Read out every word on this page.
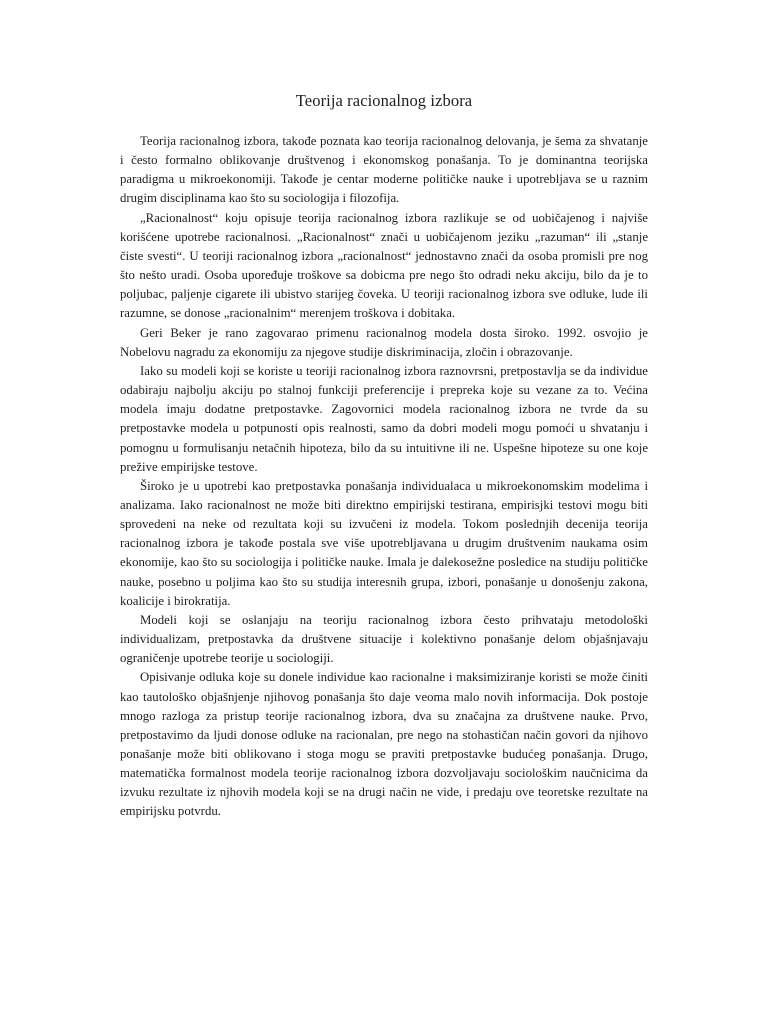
Teorija racionalnog izbora

Teorija racionalnog izbora, takođe poznata kao teorija racionalnog delovanja, je šema za shvatanje i često formalno oblikovanje društvenog i ekonomskog ponašanja. To je dominantna teorijska paradigma u mikroekonomiji. Takođe je centar moderne političke nauke i upotrebljava se u raznim drugim disciplinama kao što su sociologija i filozofija.

„Racionalnost“ koju opisuje teorija racionalnog izbora razlikuje se od uobičajenog i najviše korišćene upotrebe racionalnosi. „Racionalnost“ znači u uobičajenom jeziku „razuman“ ili „stanje čiste svesti“. U teoriji racionalnog izbora „racionalnost“ jednostavno znači da osoba promisli pre nog što nešto uradi. Osoba upoređuje troškove sa dobicma pre nego što odradi neku akciju, bilo da je to poljubac, paljenje cigarete ili ubistvo starijeg čoveka. U teoriji racionalnog izbora sve odluke, lude ili razumne, se donose „racionalnim“ merenjem troškova i dobitaka.

Geri Beker je rano zagovarao primenu racionalnog modela dosta široko. 1992. osvojio je Nobelovu nagradu za ekonomiju za njegove studije diskriminacija, zločin i obrazovanje.

Iako su modeli koji se koriste u teoriji racionalnog izbora raznovrsni, pretpostavlja se da individue odabiraju najbolju akciju po stalnoj funkciji preferencije i prepreka koje su vezane za to. Većina modela imaju dodatne pretpostavke. Zagovornici modela racionalnog izbora ne tvrde da su pretpostavke modela u potpunosti opis realnosti, samo da dobri modeli mogu pomoći u shvatanju i pomognu u formulisanju netačnih hipoteza, bilo da su intuitivne ili ne. Uspešne hipoteze su one koje prežive empirijske testove.

Široko je u upotrebi kao pretpostavka ponašanja individualaca u mikroekonomskim modelima i analizama. Iako racionalnost ne može biti direktno empirijski testirana, empirisjki testovi mogu biti sprovedeni na neke od rezultata koji su izvučeni iz modela. Tokom poslednjih decenija teorija racionalnog izbora je takođe postala sve više upotrebljavana u drugim društvenim naukama osim ekonomije, kao što su sociologija i političke nauke. Imala je dalekosežne posledice na studiju političke nauke, posebno u poljima kao što su studija interesnih grupa, izbori, ponašanje u donošenju zakona, koalicije i birokratija.

Modeli koji se oslanjaju na teoriju racionalnog izbora često prihvataju metodološki individualizam, pretpostavka da društvene situacije i kolektivno ponašanje delom objašnjavaju ograničenje upotrebe teorije u sociologiji.

Opisivanje odluka koje su donele individue kao racionalne i maksimiziranje koristi se može činiti kao tautološko objašnjenje njihovog ponašanja što daje veoma malo novih informacija. Dok postoje mnogo razloga za pristup teorije racionalnog izbora, dva su značajna za društvene nauke. Prvo, pretpostavimo da ljudi donose odluke na racionalan, pre nego na stohastičan način govori da njihovo ponašanje može biti oblikovano i stoga mogu se praviti pretpostavke budućeg ponašanja. Drugo, matematička formalnost modela teorije racionalnog izbora dozvoljavaju sociološkim naučnicima da izvuku rezultate iz njhovih modela koji se na drugi način ne vide, i predaju ove teoretske rezultate na empirijsku potvrdu.
